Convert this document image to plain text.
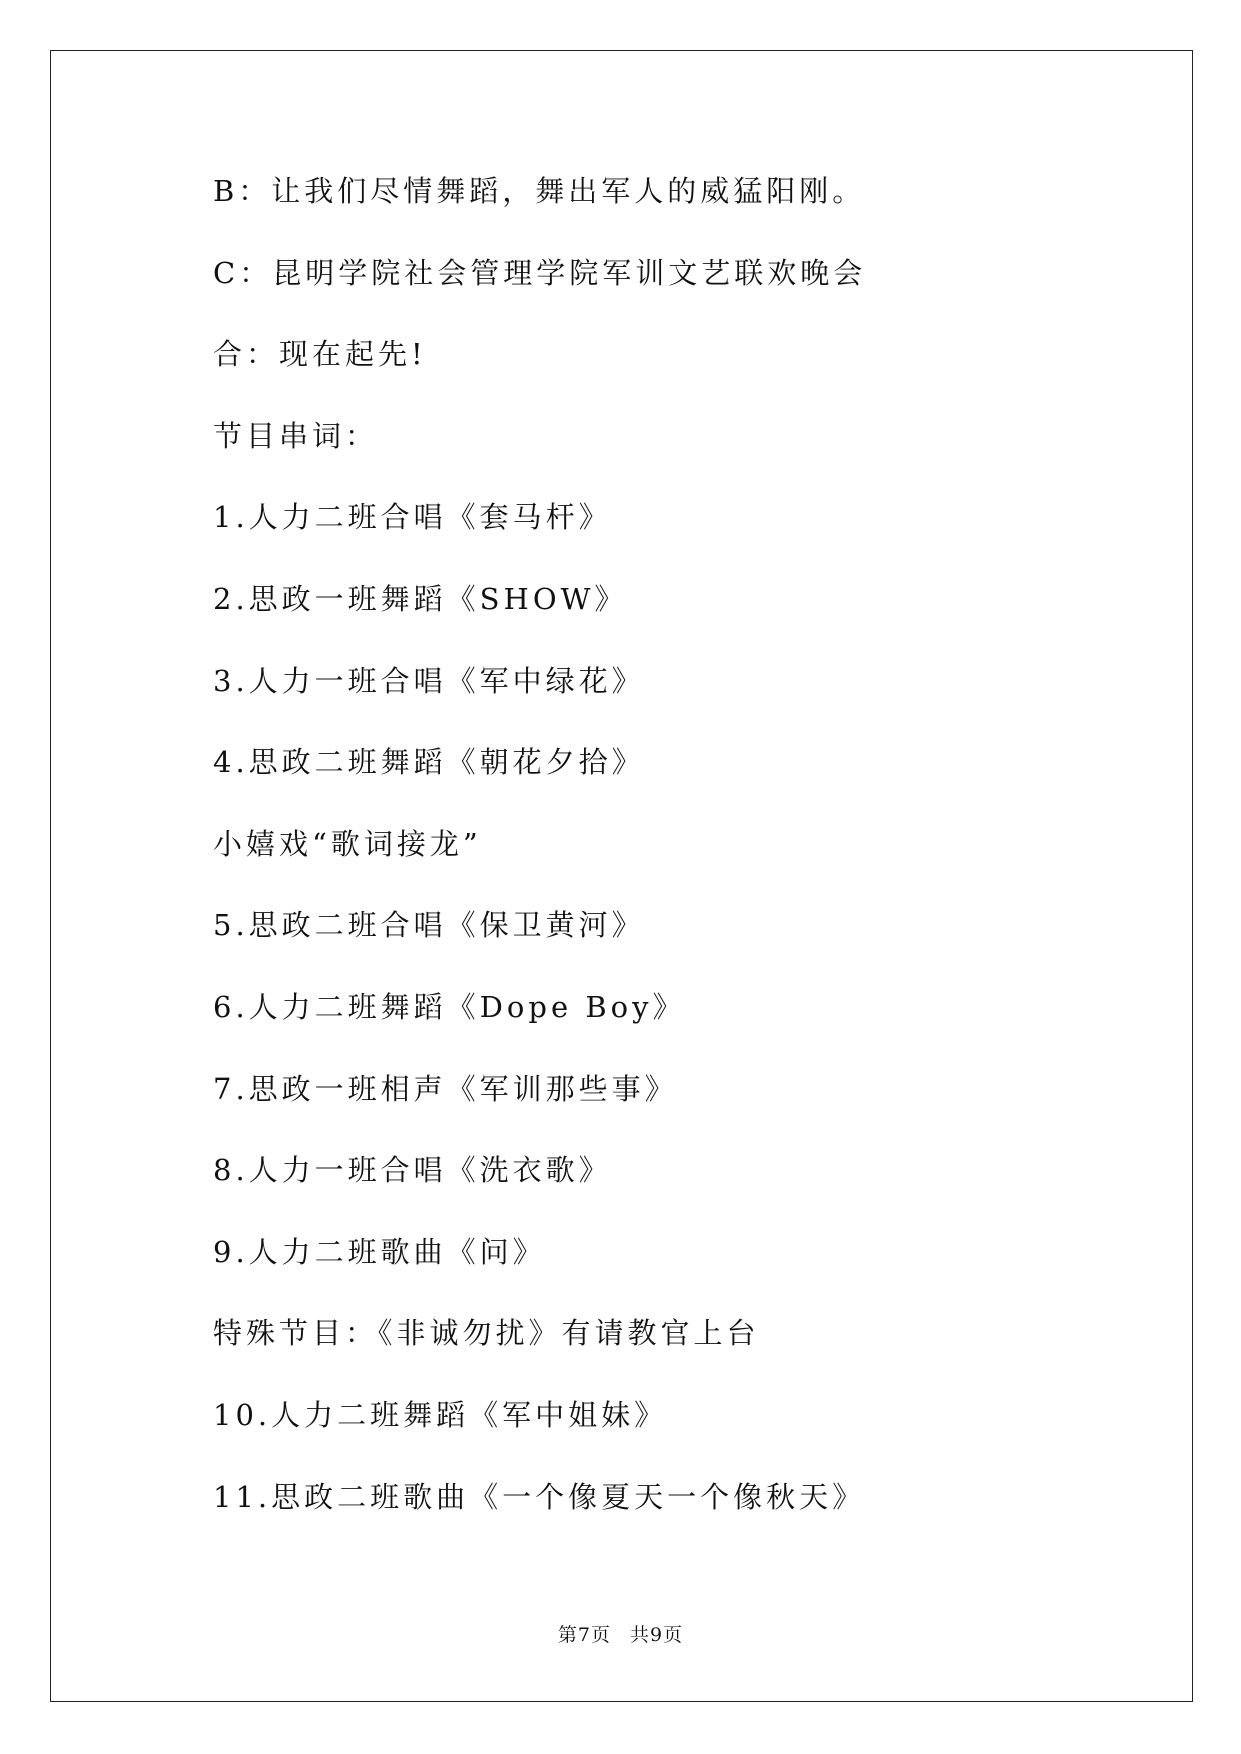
B：让我们尽情舞蹈，舞出军人的威猛阳刚。
C：昆明学院社会管理学院军训文艺联欢晚会
合：现在起先!
节目串词：
1.人力二班合唱《套马杆》
2.思政一班舞蹈《SHOW》
3.人力一班合唱《军中绿花》
4.思政二班舞蹈《朝花夕拾》
小嬉戏“歌词接龙”
5.思政二班合唱《保卫黄河》
6.人力二班舞蹈《Dope Boy》
7.思政一班相声《军训那些事》
8.人力一班合唱《洗衣歌》
9.人力二班歌曲《问》
特殊节目：《非诚勿扰》有请教官上台
10.人力二班舞蹈《军中姐妹》
11.思政二班歌曲《一个像夏天一个像秋天》
第7页 共9页
